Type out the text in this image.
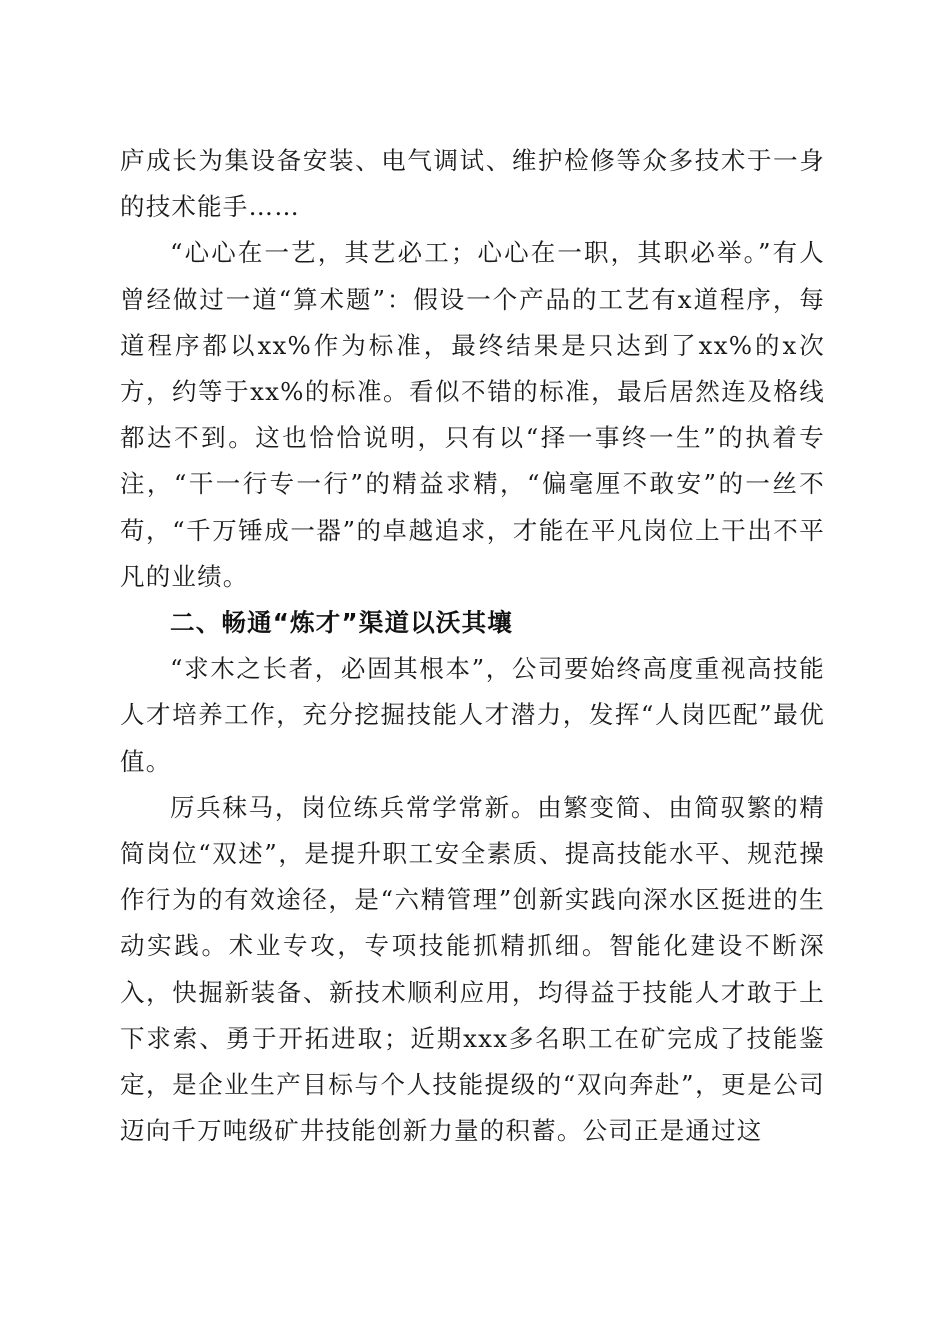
庐成长为集设备安装、电气调试、维护检修等众多技术于一身的技术能手……

“心心在一艺，其艺必工；心心在一职，其职必举。”有人曾经做过一道“算术题”：假设一个产品的工艺有x道程序，每道程序都以xx%作为标准，最终结果是只达到了xx%的x次方，约等于xx%的标准。看似不错的标准，最后居然连及格线都达不到。这也恰恰说明，只有以“择一事终一生”的执着专注，“干一行专一行”的精益求精，“偏毫厘不敢安”的一丝不苟，“千万锤成一器”的卓越追求，才能在平凡岗位上干出不平凡的业绩。

二、畅通“炼才”渠道以沃其壤

“求木之长者，必固其根本”，公司要始终高度重视高技能人才培养工作，充分挖掘技能人才潜力，发挥“人岗匹配”最优值。

厉兵秣马，岗位练兵常学常新。由繁变简、由简驭繁的精简岗位“双述”，是提升职工安全素质、提高技能水平、规范操作行为的有效途径，是“六精管理”创新实践向深水区挺进的生动实践。术业专攻，专项技能抓精抓细。智能化建设不断深入，快掘新装备、新技术顺利应用，均得益于技能人才敢于上下求索、勇于开拓进取；近期xxx多名职工在矿完成了技能鉴定，是企业生产目标与个人技能提级的“双向奔赴”，更是公司迈向千万吨级矿井技能创新力量的积蓄。公司正是通过这
